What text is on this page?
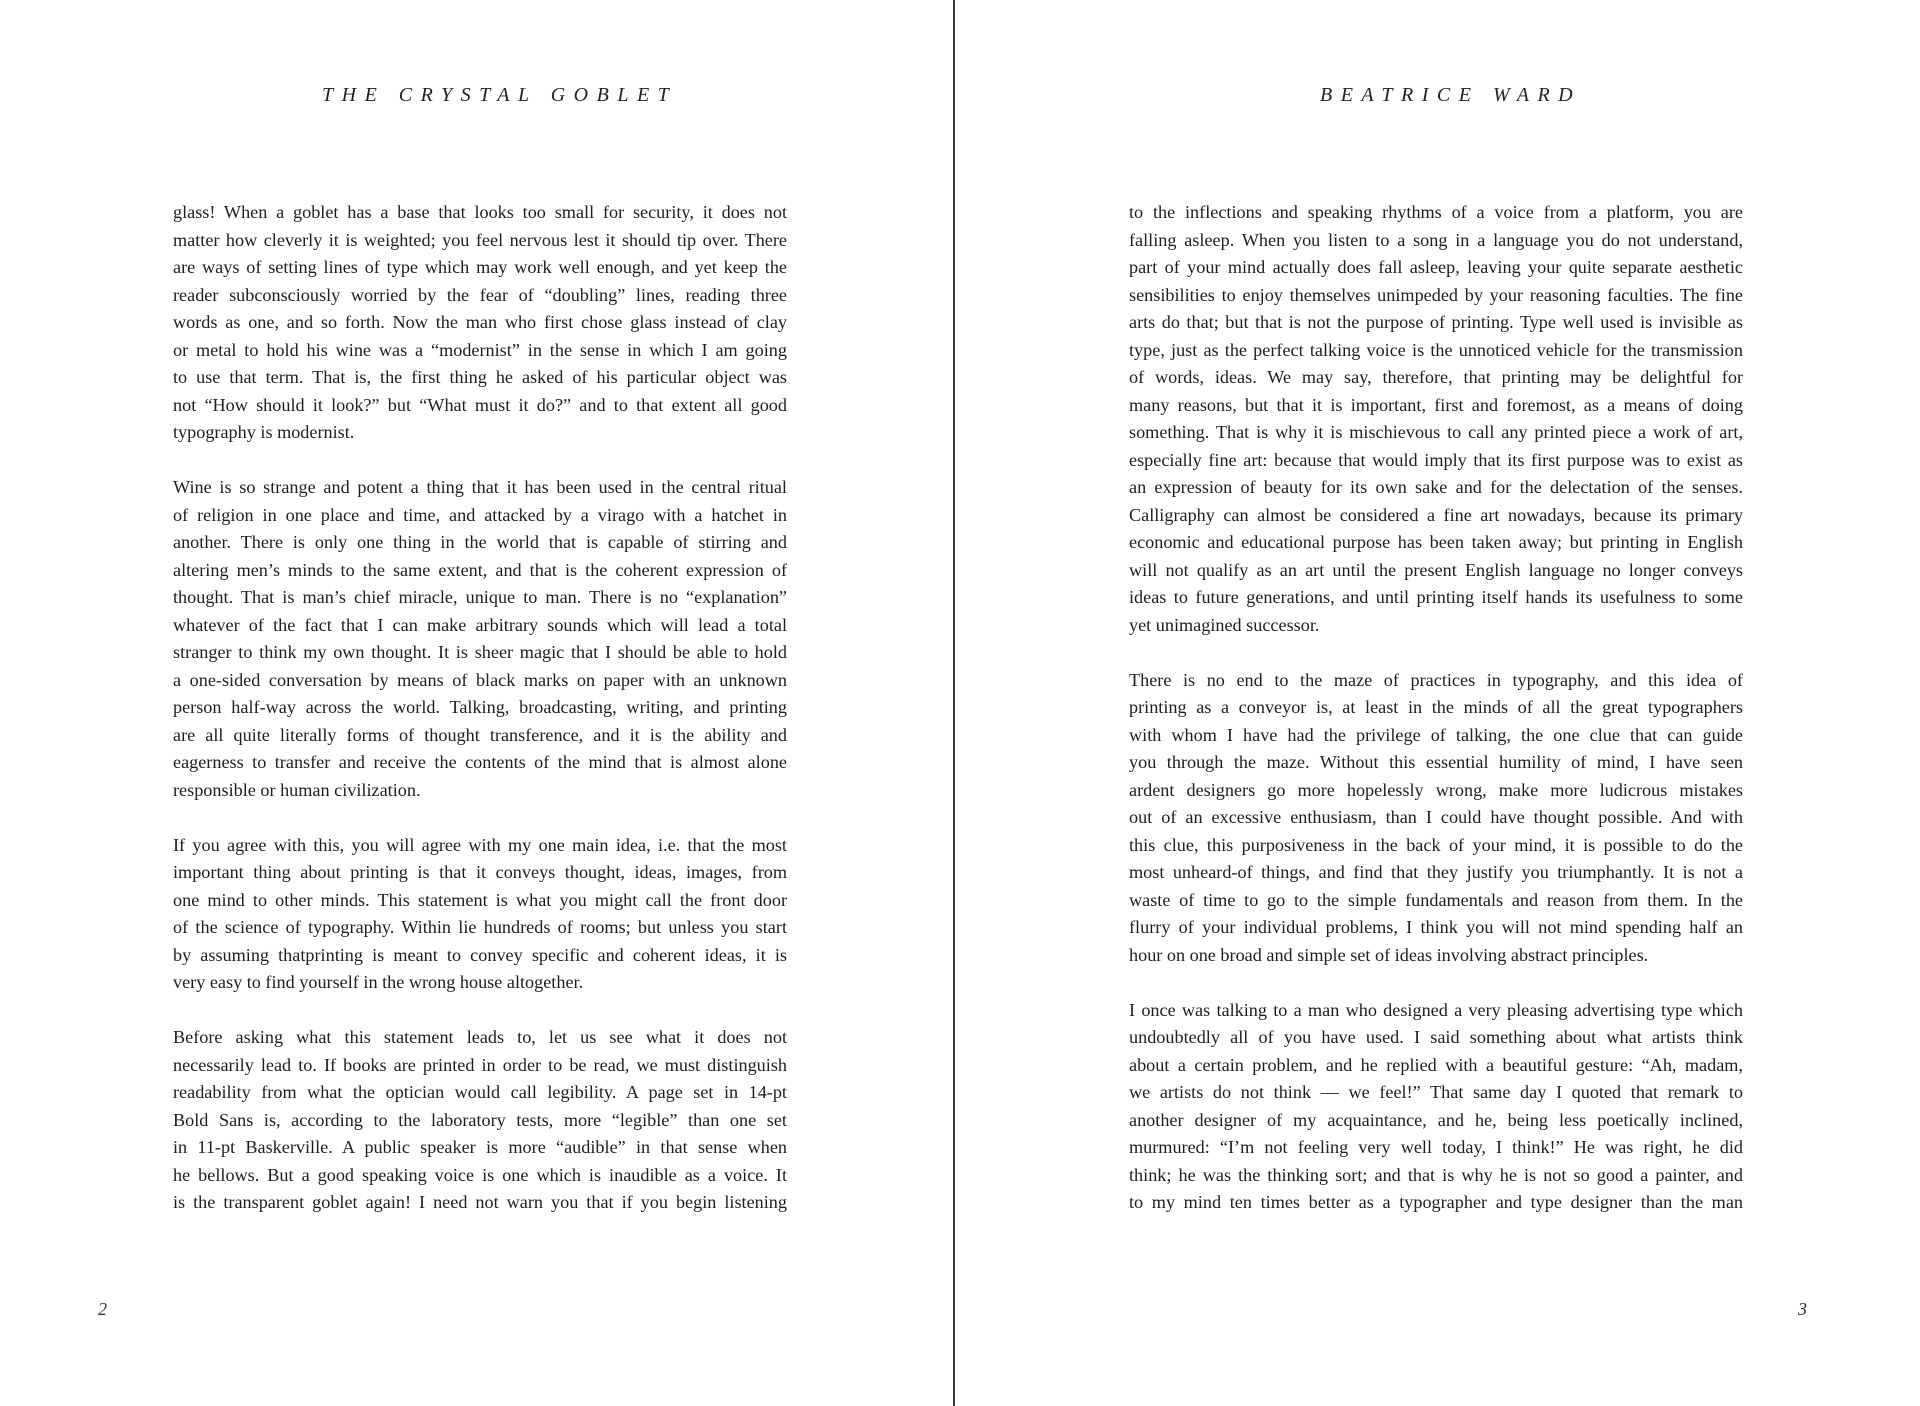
THE CRYSTAL GOBLET
glass! When a goblet has a base that looks too small for security, it does not
matter how cleverly it is weighted; you feel nervous lest it should tip over. There
are ways of setting lines of type which may work well enough, and yet keep the
reader subconsciously worried by the fear of “doubling” lines, reading three
words as one, and so forth. Now the man who first chose glass instead of clay
or metal to hold his wine was a “modernist” in the sense in which I am going
to use that term. That is, the first thing he asked of his particular object was
not “How should it look?” but “What must it do?” and to that extent all good
typography is modernist.
Wine is so strange and potent a thing that it has been used in the central ritual
of religion in one place and time, and attacked by a virago with a hatchet in
another. There is only one thing in the world that is capable of stirring and
altering men’s minds to the same extent, and that is the coherent expression of
thought. That is man’s chief miracle, unique to man. There is no “explanation”
whatever of the fact that I can make arbitrary sounds which will lead a total
stranger to think my own thought. It is sheer magic that I should be able to hold
a one-sided conversation by means of black marks on paper with an unknown
person half-way across the world. Talking, broadcasting, writing, and printing
are all quite literally forms of thought transference, and it is the ability and
eagerness to transfer and receive the contents of the mind that is almost alone
responsible or human civilization.
If you agree with this, you will agree with my one main idea, i.e. that the most
important thing about printing is that it conveys thought, ideas, images, from
one mind to other minds. This statement is what you might call the front door
of the science of typography. Within lie hundreds of rooms; but unless you start
by assuming thatprinting is meant to convey specific and coherent ideas, it is
very easy to find yourself in the wrong house altogether.
Before asking what this statement leads to, let us see what it does not
necessarily lead to. If books are printed in order to be read, we must distinguish
readability from what the optician would call legibility. A page set in 14-pt
Bold Sans is, according to the laboratory tests, more “legible” than one set
in 11-pt Baskerville. A public speaker is more “audible” in that sense when
he bellows. But a good speaking voice is one which is inaudible as a voice. It
is the transparent goblet again! I need not warn you that if you begin listening
2
BEATRICE WARD
to the inflections and speaking rhythms of a voice from a platform, you are
falling asleep. When you listen to a song in a language you do not understand,
part of your mind actually does fall asleep, leaving your quite separate aesthetic
sensibilities to enjoy themselves unimpeded by your reasoning faculties. The fine
arts do that; but that is not the purpose of printing. Type well used is invisible as
type, just as the perfect talking voice is the unnoticed vehicle for the transmission
of words, ideas. We may say, therefore, that printing may be delightful for
many reasons, but that it is important, first and foremost, as a means of doing
something. That is why it is mischievous to call any printed piece a work of art,
especially fine art: because that would imply that its first purpose was to exist as
an expression of beauty for its own sake and for the delectation of the senses.
Calligraphy can almost be considered a fine art nowadays, because its primary
economic and educational purpose has been taken away; but printing in English
will not qualify as an art until the present English language no longer conveys
ideas to future generations, and until printing itself hands its usefulness to some
yet unimagined successor.
There is no end to the maze of practices in typography, and this idea of
printing as a conveyor is, at least in the minds of all the great typographers
with whom I have had the privilege of talking, the one clue that can guide
you through the maze. Without this essential humility of mind, I have seen
ardent designers go more hopelessly wrong, make more ludicrous mistakes
out of an excessive enthusiasm, than I could have thought possible. And with
this clue, this purposiveness in the back of your mind, it is possible to do the
most unheard-of things, and find that they justify you triumphantly. It is not a
waste of time to go to the simple fundamentals and reason from them. In the
flurry of your individual problems, I think you will not mind spending half an
hour on one broad and simple set of ideas involving abstract principles.
I once was talking to a man who designed a very pleasing advertising type which
undoubtedly all of you have used. I said something about what artists think
about a certain problem, and he replied with a beautiful gesture: “Ah, madam,
we artists do not think — we feel!” That same day I quoted that remark to
another designer of my acquaintance, and he, being less poetically inclined,
murmured: “I’m not feeling very well today, I think!” He was right, he did
think; he was the thinking sort; and that is why he is not so good a painter, and
to my mind ten times better as a typographer and type designer than the man
3
